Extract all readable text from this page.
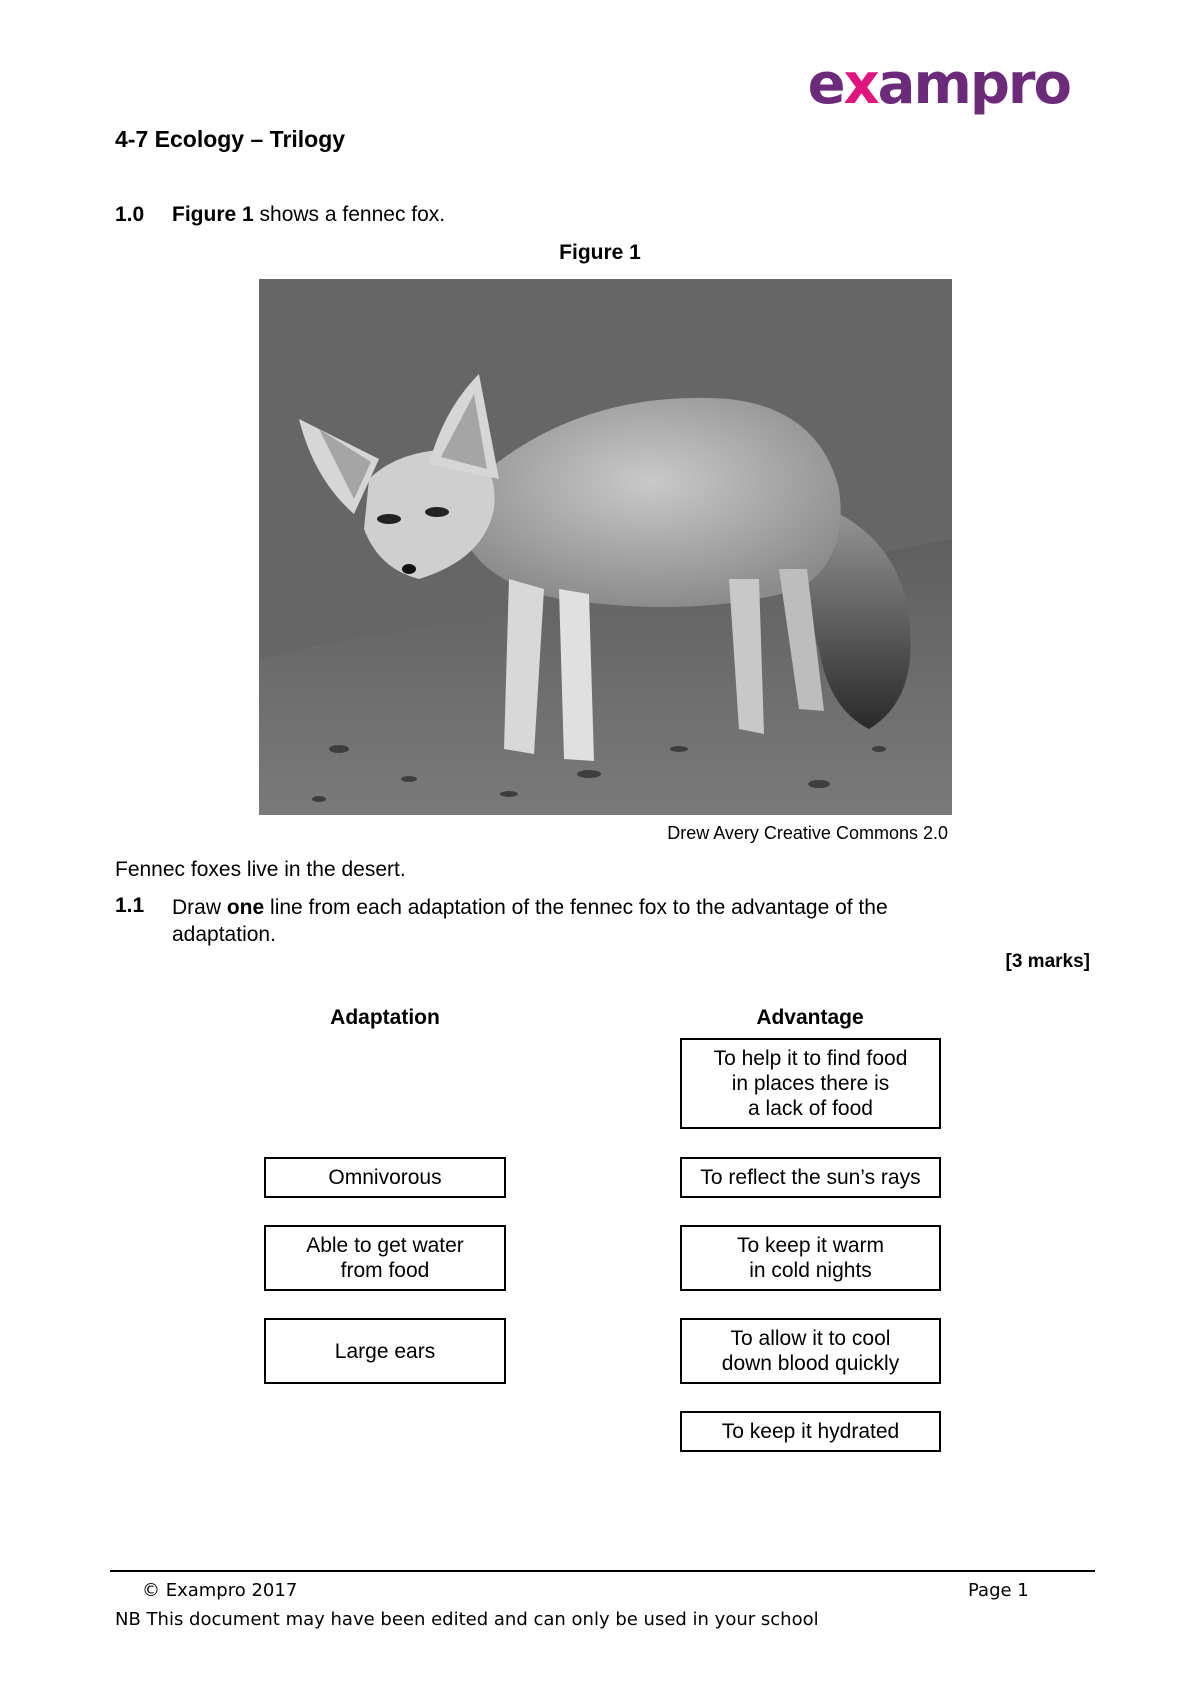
exampro
4-7 Ecology – Trilogy
1.0 Figure 1 shows a fennec fox.
Figure 1
Drew Avery Creative Commons 2.0
Fennec foxes live in the desert.
1.1 Draw one line from each adaptation of the fennec fox to the advantage of the adaptation.
[3 marks]
Adaptation	Advantage
Omnivorous
Able to get water
from food
Large ears
To help it to find food
in places there is
a lack of food
To reflect the sun’s rays
To keep it warm
in cold nights
To allow it to cool
down blood quickly
To keep it hydrated
© Exampro 2017	Page 1
NB This document may have been edited and can only be used in your school
